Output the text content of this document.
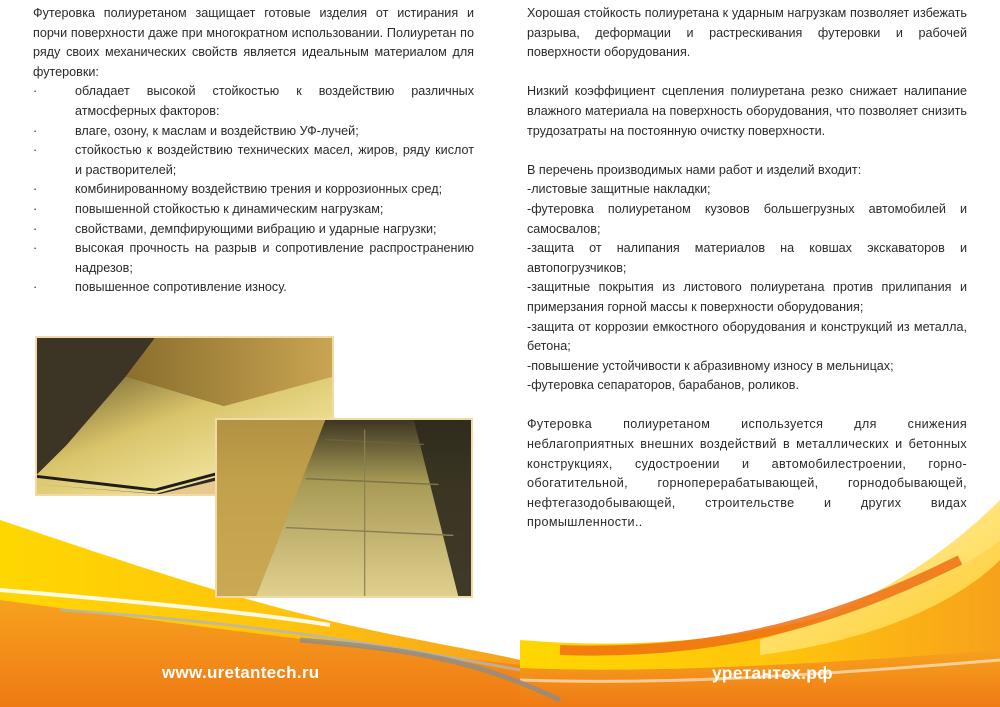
Футеровка полиуретаном защищает готовые изделия от истирания и порчи поверхности даже при многократном использовании. Полиуретан по ряду своих механических свойств является идеальным материалом для футеровки:

·	обладает высокой стойкостью к воздействию различных атмосферных факторов:
·	влаге, озону, к маслам и воздействию УФ-лучей;
·	стойкостью к воздействию технических масел, жиров, ряду кислот и растворителей;
·	комбинированному воздействию трения и коррозионных сред;
·	повышенной стойкостью к динамическим нагрузкам;
·	свойствами, демпфирующими вибрацию и ударные нагрузки;
·	высокая прочность на разрыв и сопротивление распространению надрезов;
·	повышенное сопротивление износу.

Хорошая стойкость полиуретана к ударным нагрузкам позволяет избежать разрыва, деформации и растрескивания футеровки и рабочей поверхности оборудования.

Низкий коэффициент сцепления полиуретана резко снижает налипание влажного материала на поверхность оборудования, что позволяет снизить трудозатраты на постоянную очистку поверхности.

В перечень производимых нами работ и изделий входит:

-листовые защитные накладки;

-футеровка полиуретаном кузовов большегрузных автомобилей и самосвалов;

-защита от налипания материалов на ковшах экскаваторов и автопогрузчиков;

-защитные покрытия из листового полиуретана против прилипания и примерзания горной массы к поверхности оборудования;

-защита от коррозии емкостного оборудования и конструкций из металла, бетона;

-повышение устойчивости к абразивному износу в мельницах;

-футеровка сепараторов, барабанов, роликов.

Футеровка полиуретаном используется для снижения неблагоприятных внешних воздействий в металлических и бетонных конструкциях, судостроении и автомобилестроении, горно-обогатительной, горноперерабатывающей, горнодобывающей, нефтегазодобывающей, строительстве и других видах промышленности..

www.uretantech.ru	уретантех.рф
